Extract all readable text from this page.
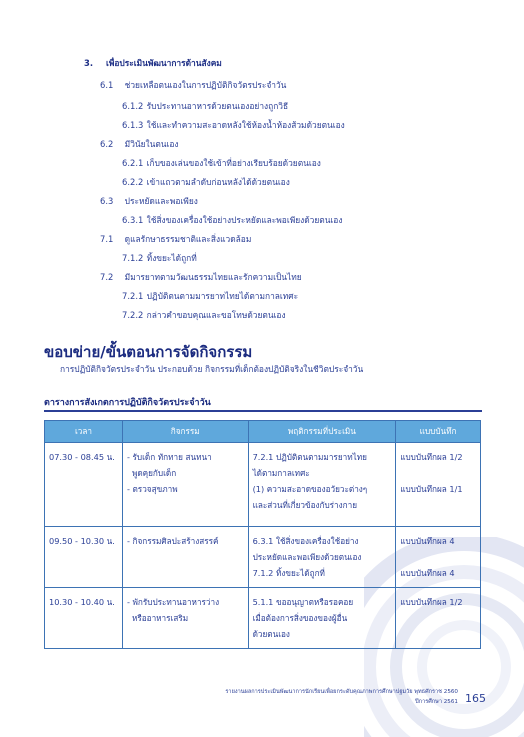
3. เพื่อประเมินพัฒนาการด้านสังคม
6.1 ช่วยเหลือตนเองในการปฏิบัติกิจวัตรประจำวัน
6.1.2 รับประทานอาหารด้วยตนเองอย่างถูกวิธี
6.1.3 ใช้และทำความสะอาดหลังใช้ห้องน้ำห้องส้วมด้วยตนเอง
6.2 มีวินัยในตนเอง
6.2.1 เก็บของเล่นของใช้เข้าที่อย่างเรียบร้อยด้วยตนเอง
6.2.2 เข้าแถวตามลำดับก่อนหลังได้ด้วยตนเอง
6.3 ประหยัดและพอเพียง
6.3.1 ใช้สิ่งของเครื่องใช้อย่างประหยัดและพอเพียงด้วยตนเอง
7.1 ดูแลรักษาธรรมชาติและสิ่งแวดล้อม
7.1.2 ทิ้งขยะได้ถูกที่
7.2 มีมารยาทตามวัฒนธรรมไทยและรักความเป็นไทย
7.2.1 ปฏิบัติตนตามมารยาทไทยได้ตามกาลเทศะ
7.2.2 กล่าวคำขอบคุณและขอโทษด้วยตนเอง
ขอบข่าย/ขั้นตอนการจัดกิจกรรม
การปฏิบัติกิจวัตรประจำวัน ประกอบด้วย กิจกรรมที่เด็กต้องปฏิบัติจริงในชีวิตประจำวัน
ตารางการสังเกตการปฏิบัติกิจวัตรประจำวัน
เวลา	กิจกรรม	พฤติกรรมที่ประเมิน	แบบบันทึก

07.30 - 08.45 น.	- รับเด็ก ทักทาย สนทนา
พูดคุยกับเด็ก
- ตรวจสุขภาพ	7.2.1 ปฏิบัติตนตามมารยาทไทย
ได้ตามกาลเทศะ
(1) ความสะอาดของอวัยวะต่างๆ
และส่วนที่เกี่ยวข้องกับร่างกาย	แบบบันทึกผล 1/2
แบบบันทึกผล 1/1

09.50 - 10.30 น.	- กิจกรรมศิลปะสร้างสรรค์	6.3.1 ใช้สิ่งของเครื่องใช้อย่าง
ประหยัดและพอเพียงด้วยตนเอง
7.1.2 ทิ้งขยะได้ถูกที่	แบบบันทึกผล 4
แบบบันทึกผล 4

10.30 - 10.40 น.	- พักรับประทานอาหารว่าง
หรืออาหารเสริม	5.1.1 ขออนุญาตหรือรอคอย
เมื่อต้องการสิ่งของของผู้อื่น
ด้วยตนเอง	แบบบันทึกผล 1/2
รายงานผลการประเมินพัฒนาการนักเรียนเพื่อยกระดับคุณภาพการศึกษาปฐมวัย พุทธศักราช 2560
ปีการศึกษา 2561 165
